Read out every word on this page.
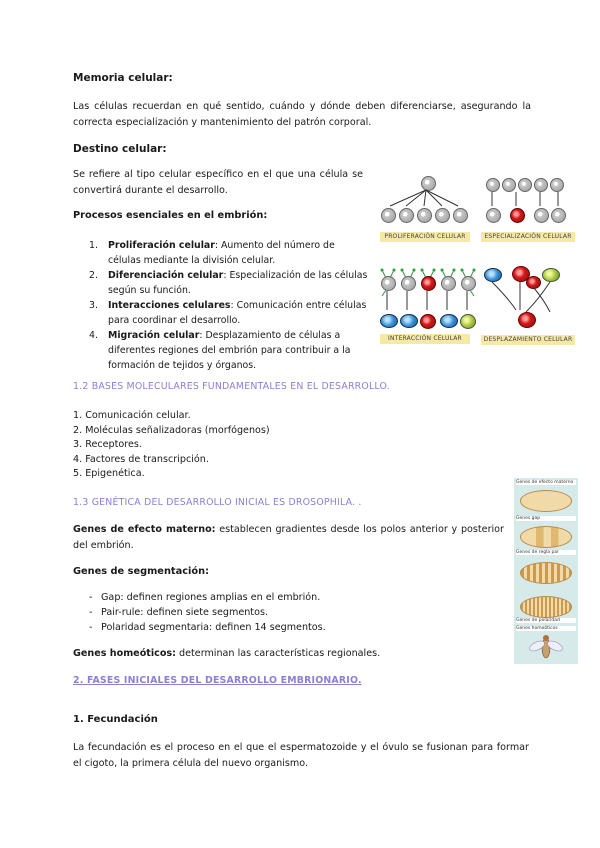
Memoria celular:
Las células recuerdan en qué sentido, cuándo y dónde deben diferenciarse, asegurando la correcta especialización y mantenimiento del patrón corporal.
Destino celular:
Se refiere al tipo celular específico en el que una célula se convertirá durante el desarrollo.
Procesos esenciales en el embrión:
1. Proliferación celular: Aumento del número de células mediante la división celular.
2. Diferenciación celular: Especialización de las células según su función.
3. Interacciones celulares: Comunicación entre células para coordinar el desarrollo.
4. Migración celular: Desplazamiento de células a diferentes regiones del embrión para contribuir a la formación de tejidos y órganos.
PROLIFERACIÓN CELULAR	ESPECIALIZACIÓN CELULAR
INTERACCIÓN CELULAR	DESPLAZAMIENTO CELULAR
1.2 BASES MOLECULARES FUNDAMENTALES EN EL DESARROLLO.
1. Comunicación celular.
2. Moléculas señalizadoras (morfógenos)
3. Receptores.
4. Factores de transcripción.
5. Epigenética.
1.3 GENÉTICA DEL DESARROLLO INICIAL ES DROSOPHILA. .
Genes de efecto materno: establecen gradientes desde los polos anterior y posterior del embrión.
Genes de segmentación:
- Gap: definen regiones amplias en el embrión.
- Pair-rule: definen siete segmentos.
- Polaridad segmentaria: definen 14 segmentos.
Genes homeóticos: determinan las características regionales.
Genes de efecto materno
Genes gap
Genes de regla par
Genes de polaridad
Genes homeóticos
2. FASES INICIALES DEL DESARROLLO EMBRIONARIO.
1. Fecundación
La fecundación es el proceso en el que el espermatozoide y el óvulo se fusionan para formar el cigoto, la primera célula del nuevo organismo.
